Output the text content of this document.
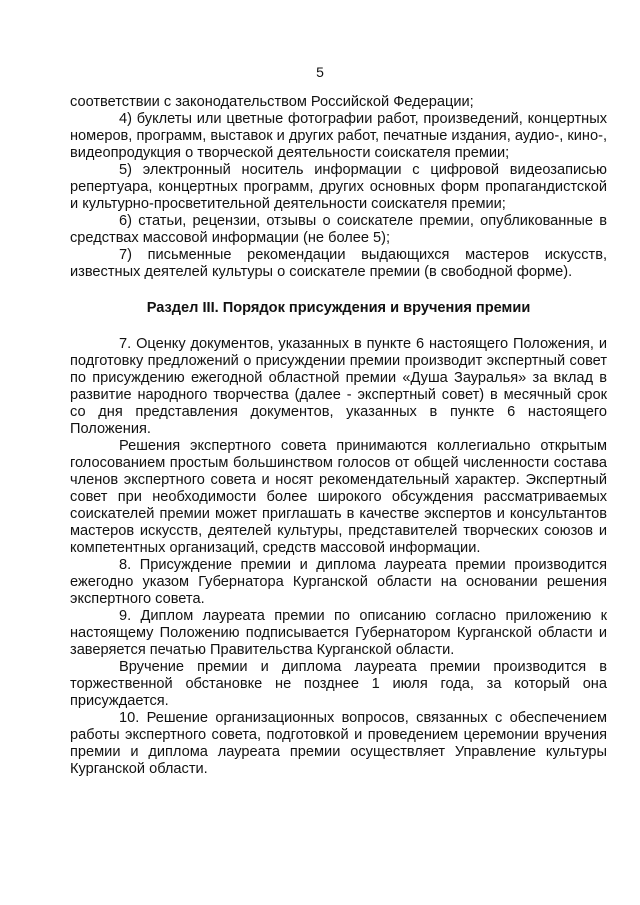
5

соответствии с законодательством Российской Федерации;

4) буклеты или цветные фотографии работ, произведений, концертных номеров, программ, выставок и других работ, печатные издания, аудио-, кино-, видеопродукция о творческой деятельности соискателя премии;

5) электронный носитель информации с цифровой видеозаписью репертуара, концертных программ, других основных форм пропагандистской и культурно-просветительной деятельности соискателя премии;

6) статьи, рецензии, отзывы о соискателе премии, опубликованные в средствах массовой информации (не более 5);

7) письменные рекомендации выдающихся мастеров искусств, известных деятелей культуры о соискателе премии (в свободной форме).

Раздел III. Порядок присуждения и вручения премии

7. Оценку документов, указанных в пункте 6 настоящего Положения, и подготовку предложений о присуждении премии производит экспертный совет по присуждению ежегодной областной премии «Душа Зауралья» за вклад в развитие народного творчества (далее - экспертный совет) в месячный срок со дня представления документов, указанных в пункте 6 настоящего Положения.

Решения экспертного совета принимаются коллегиально открытым голосованием простым большинством голосов от общей численности состава членов экспертного совета и носят рекомендательный характер. Экспертный совет при необходимости более широкого обсуждения рассматриваемых соискателей премии может приглашать в качестве экспертов и консультантов мастеров искусств, деятелей культуры, представителей творческих союзов и компетентных организаций, средств массовой информации.

8. Присуждение премии и диплома лауреата премии производится ежегодно указом Губернатора Курганской области на основании решения экспертного совета.

9. Диплом лауреата премии по описанию согласно приложению к настоящему Положению подписывается Губернатором Курганской области и заверяется печатью Правительства Курганской области.

Вручение премии и диплома лауреата премии производится в торжественной обстановке не позднее 1 июля года, за который она присуждается.

10. Решение организационных вопросов, связанных с обеспечением работы экспертного совета, подготовкой и проведением церемонии вручения премии и диплома лауреата премии осуществляет Управление культуры Курганской области.
